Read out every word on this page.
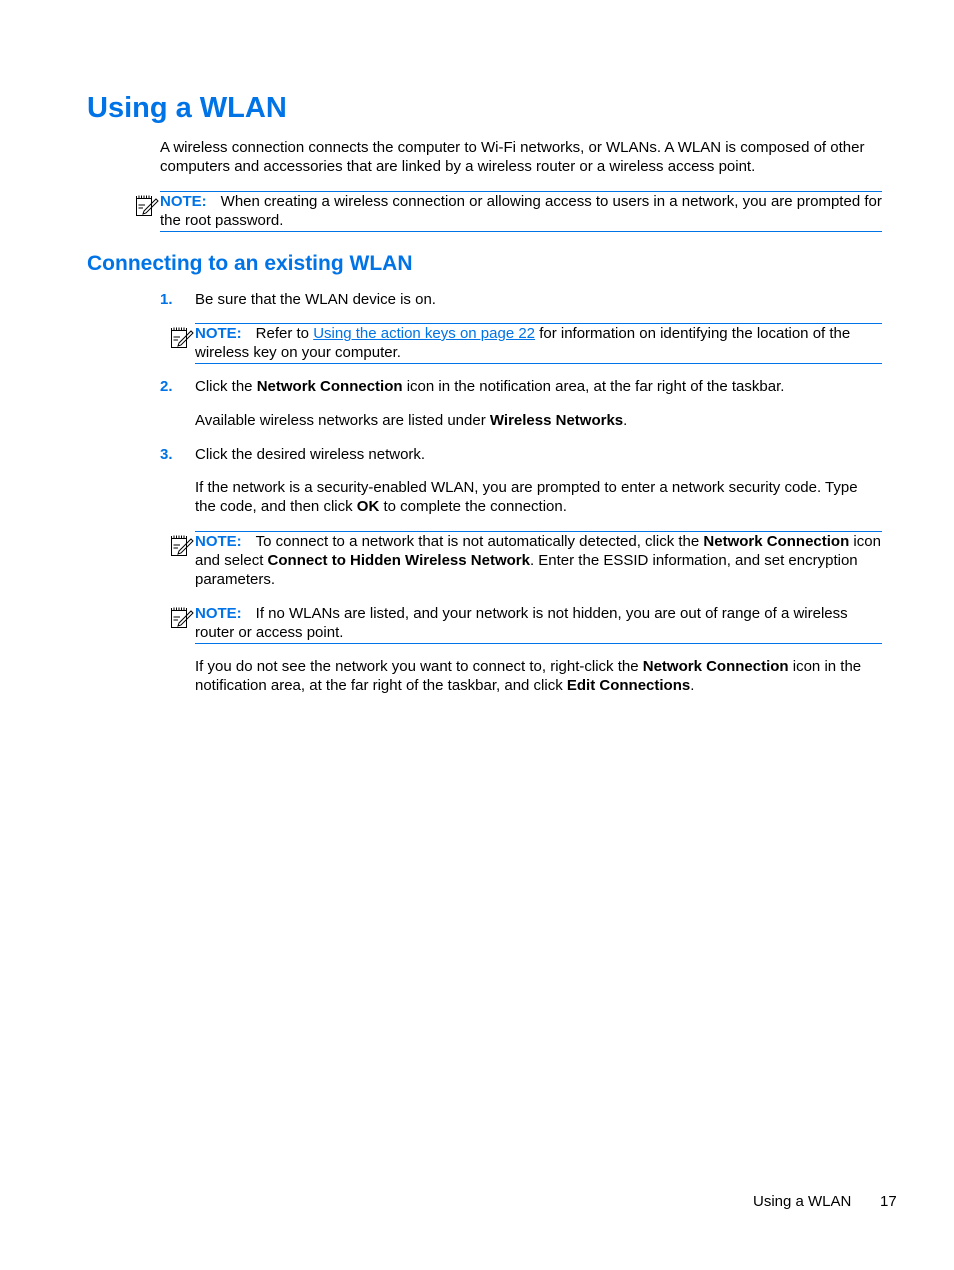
Using a WLAN
A wireless connection connects the computer to Wi-Fi networks, or WLANs. A WLAN is composed of other computers and accessories that are linked by a wireless router or a wireless access point.
NOTE: When creating a wireless connection or allowing access to users in a network, you are prompted for the root password.
Connecting to an existing WLAN
1. Be sure that the WLAN device is on.
NOTE: Refer to Using the action keys on page 22 for information on identifying the location of the wireless key on your computer.
2. Click the Network Connection icon in the notification area, at the far right of the taskbar.
Available wireless networks are listed under Wireless Networks.
3. Click the desired wireless network.
If the network is a security-enabled WLAN, you are prompted to enter a network security code. Type the code, and then click OK to complete the connection.
NOTE: To connect to a network that is not automatically detected, click the Network Connection icon and select Connect to Hidden Wireless Network. Enter the ESSID information, and set encryption parameters.
NOTE: If no WLANs are listed, and your network is not hidden, you are out of range of a wireless router or access point.
If you do not see the network you want to connect to, right-click the Network Connection icon in the notification area, at the far right of the taskbar, and click Edit Connections.
Using a WLAN 17
